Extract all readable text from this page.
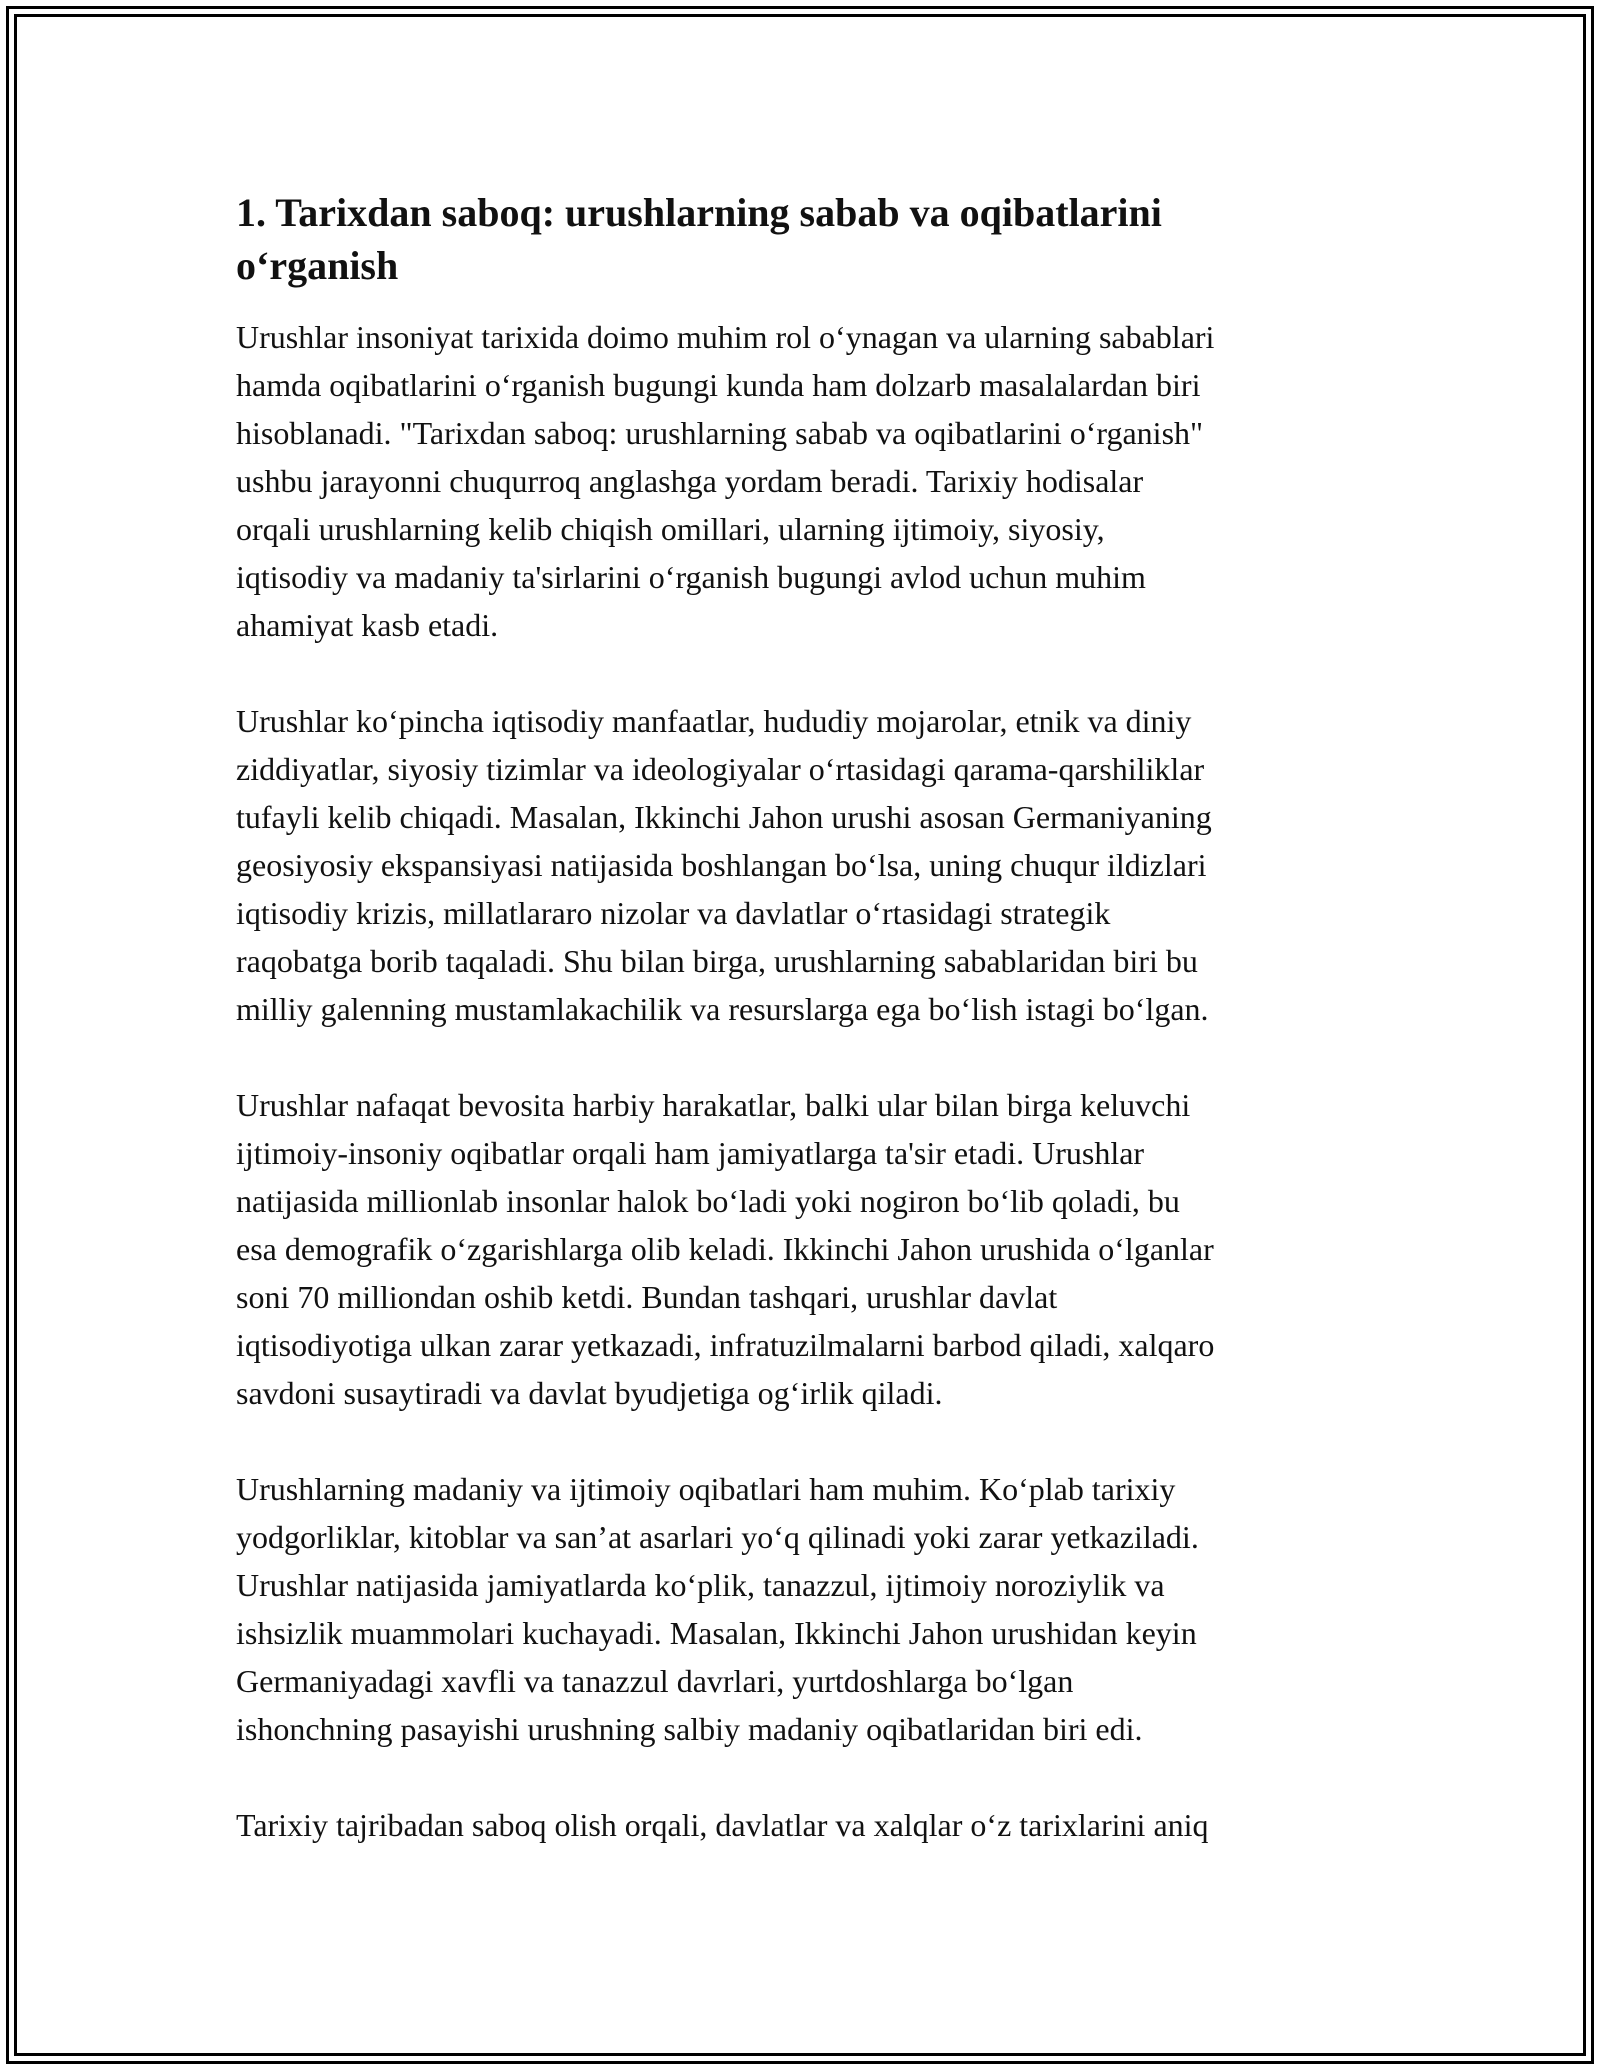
1. Tarixdan saboq: urushlarning sabab va oqibatlarini
o‘rganish

Urushlar insoniyat tarixida doimo muhim rol o‘ynagan va ularning sabablari
hamda oqibatlarini o‘rganish bugungi kunda ham dolzarb masalalardan biri
hisoblanadi. "Tarixdan saboq: urushlarning sabab va oqibatlarini o‘rganish"
ushbu jarayonni chuqurroq anglashga yordam beradi. Tarixiy hodisalar
orqali urushlarning kelib chiqish omillari, ularning ijtimoiy, siyosiy,
iqtisodiy va madaniy ta'sirlarini o‘rganish bugungi avlod uchun muhim
ahamiyat kasb etadi.

Urushlar ko‘pincha iqtisodiy manfaatlar, hududiy mojarolar, etnik va diniy
ziddiyatlar, siyosiy tizimlar va ideologiyalar o‘rtasidagi qarama-qarshiliklar
tufayli kelib chiqadi. Masalan, Ikkinchi Jahon urushi asosan Germaniyaning
geosiyosiy ekspansiyasi natijasida boshlangan bo‘lsa, uning chuqur ildizlari
iqtisodiy krizis, millatlararo nizolar va davlatlar o‘rtasidagi strategik
raqobatga borib taqaladi. Shu bilan birga, urushlarning sabablaridan biri bu
milliy galenning mustamlakachilik va resurslarga ega bo‘lish istagi bo‘lgan.

Urushlar nafaqat bevosita harbiy harakatlar, balki ular bilan birga keluvchi
ijtimoiy-insoniy oqibatlar orqali ham jamiyatlarga ta'sir etadi. Urushlar
natijasida millionlab insonlar halok bo‘ladi yoki nogiron bo‘lib qoladi, bu
esa demografik o‘zgarishlarga olib keladi. Ikkinchi Jahon urushida o‘lganlar
soni 70 milliondan oshib ketdi. Bundan tashqari, urushlar davlat
iqtisodiyotiga ulkan zarar yetkazadi, infratuzilmalarni barbod qiladi, xalqaro
savdoni susaytiradi va davlat byudjetiga og‘irlik qiladi.

Urushlarning madaniy va ijtimoiy oqibatlari ham muhim. Ko‘plab tarixiy
yodgorliklar, kitoblar va san’at asarlari yo‘q qilinadi yoki zarar yetkaziladi.
Urushlar natijasida jamiyatlarda ko‘plik, tanazzul, ijtimoiy noroziylik va
ishsizlik muammolari kuchayadi. Masalan, Ikkinchi Jahon urushidan keyin
Germaniyadagi xavfli va tanazzul davrlari, yurtdoshlarga bo‘lgan
ishonchning pasayishi urushning salbiy madaniy oqibatlaridan biri edi.

Tarixiy tajribadan saboq olish orqali, davlatlar va xalqlar o‘z tarixlarini aniq
